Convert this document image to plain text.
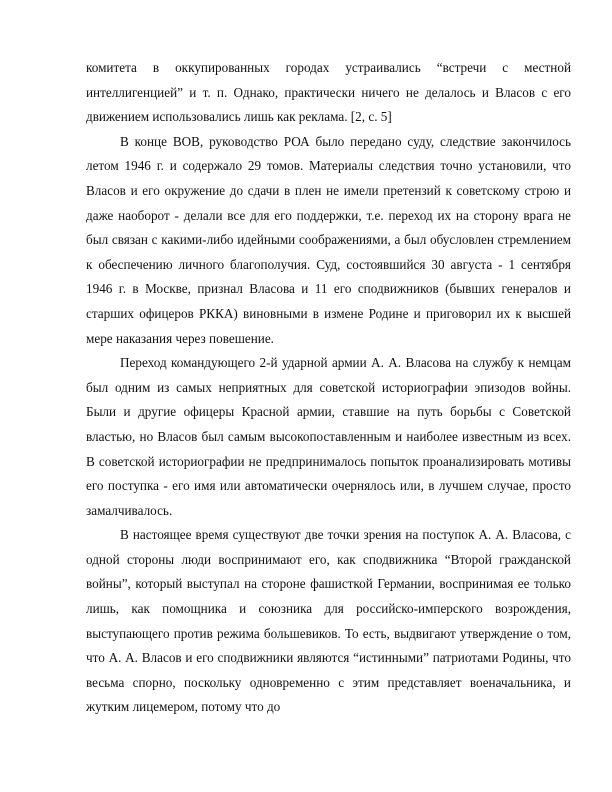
комитета в оккупированных городах устраивались “встречи с местной интеллигенцией” и т. п. Однако, практически ничего не делалось и Власов с его движением использовались лишь как реклама. [2, с. 5]

В конце ВОВ, руководство РОА было передано суду, следствие закончилось летом 1946 г. и содержало 29 томов. Материалы следствия точно установили, что Власов и его окружение до сдачи в плен не имели претензий к советскому строю и даже наоборот - делали все для его поддержки, т.е. переход их на сторону врага не был связан с какими-либо идейными соображениями, а был обусловлен стремлением к обеспечению личного благополучия. Суд, состоявшийся 30 августа - 1 сентября 1946 г. в Москве, признал Власова и 11 его сподвижников (бывших генералов и старших офицеров РККА) виновными в измене Родине и приговорил их к высшей мере наказания через повешение.

Переход командующего 2-й ударной армии А. А. Власова на службу к немцам был одним из самых неприятных для советской историографии эпизодов войны. Были и другие офицеры Красной армии, ставшие на путь борьбы с Советской властью, но Власов был самым высокопоставленным и наиболее известным из всех. В советской историографии не предпринималось попыток проанализировать мотивы его поступка - его имя или автоматически очернялось или, в лучшем случае, просто замалчивалось.

В настоящее время существуют две точки зрения на поступок А. А. Власова, с одной стороны люди воспринимают его, как сподвижника “Второй гражданской войны”, который выступал на стороне фашисткой Германии, воспринимая ее только лишь, как помощника и союзника для российско-имперского возрождения, выступающего против режима большевиков. То есть, выдвигают утверждение о том, что А. А. Власов и его сподвижники являются “истинными” патриотами Родины, что весьма спорно, поскольку одновременно с этим представляет военачальника, и жутким лицемером, потому что до
